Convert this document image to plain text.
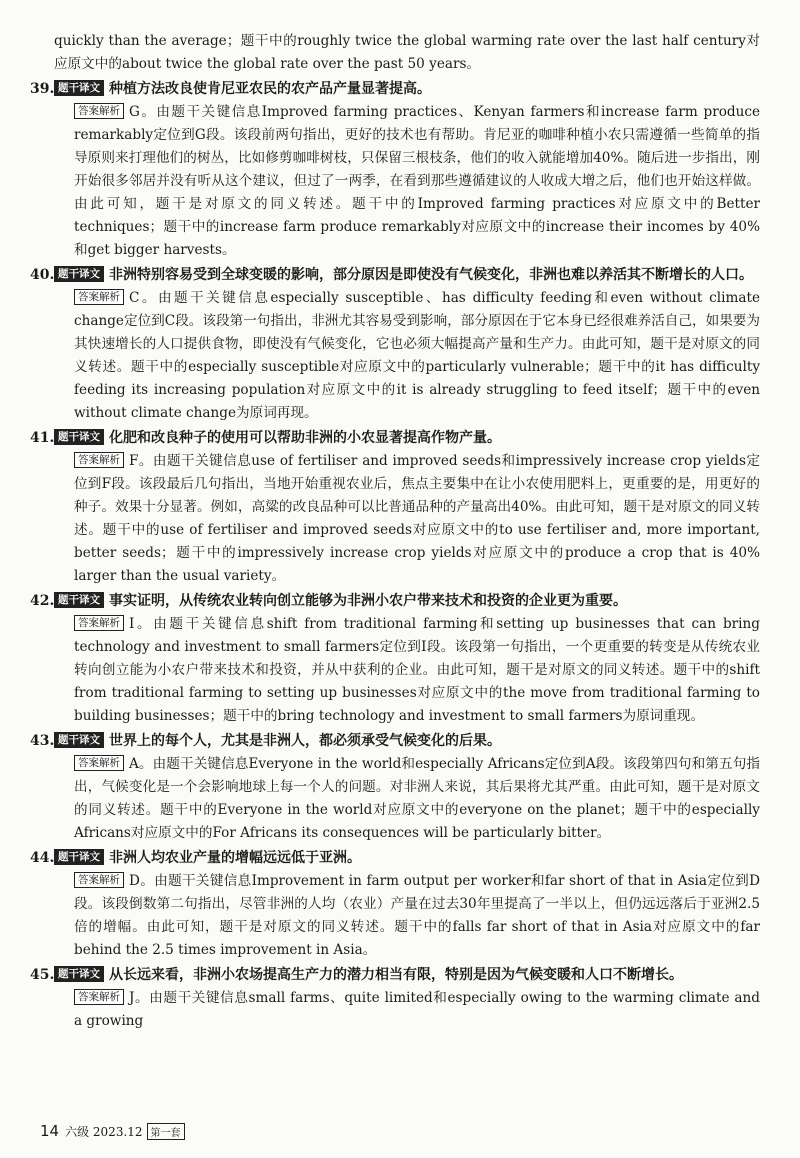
quickly than the average；题干中的roughly twice the global warming rate over the last half century对应原文中的about twice the global rate over the past 50 years。

39. 题干译文 种植方法改良使肯尼亚农民的农产品产量显著提高。

答案解析 G。由题干关键信息Improved farming practices、Kenyan farmers和increase farm produce remarkably定位到G段。该段前两句指出，更好的技术也有帮助。肯尼亚的咖啡种植小农只需遵循一些简单的指导原则来打理他们的树丛，比如修剪咖啡树枝，只保留三根枝条，他们的收入就能增加40%。随后进一步指出，刚开始很多邻居并没有听从这个建议，但过了一两季，在看到那些遵循建议的人收成大增之后，他们也开始这样做。由此可知，题干是对原文的同义转述。题干中的Improved farming practices对应原文中的Better techniques；题干中的increase farm produce remarkably对应原文中的increase their incomes by 40%和get bigger harvests。

40. 题干译文 非洲特别容易受到全球变暖的影响，部分原因是即使没有气候变化，非洲也难以养活其不断增长的人口。

答案解析 C。由题干关键信息especially susceptible、has difficulty feeding和even without climate change定位到C段。该段第一句指出，非洲尤其容易受到影响，部分原因在于它本身已经很难养活自己，如果要为其快速增长的人口提供食物，即使没有气候变化，它也必须大幅提高产量和生产力。由此可知，题干是对原文的同义转述。题干中的especially susceptible对应原文中的particularly vulnerable；题干中的it has difficulty feeding its increasing population对应原文中的it is already struggling to feed itself；题干中的even without climate change为原词再现。

41. 题干译文 化肥和改良种子的使用可以帮助非洲的小农显著提高作物产量。

答案解析 F。由题干关键信息use of fertiliser and improved seeds和impressively increase crop yields定位到F段。该段最后几句指出，当地开始重视农业后，焦点主要集中在让小农使用肥料上，更重要的是，用更好的种子。效果十分显著。例如，高粱的改良品种可以比普通品种的产量高出40%。由此可知，题干是对原文的同义转述。题干中的use of fertiliser and improved seeds对应原文中的to use fertiliser and, more important, better seeds；题干中的impressively increase crop yields对应原文中的produce a crop that is 40% larger than the usual variety。

42. 题干译文 事实证明，从传统农业转向创立能够为非洲小农户带来技术和投资的企业更为重要。

答案解析 I。由题干关键信息shift from traditional farming和setting up businesses that can bring technology and investment to small farmers定位到I段。该段第一句指出，一个更重要的转变是从传统农业转向创立能为小农户带来技术和投资，并从中获利的企业。由此可知，题干是对原文的同义转述。题干中的shift from traditional farming to setting up businesses对应原文中的the move from traditional farming to building businesses；题干中的bring technology and investment to small farmers为原词重现。

43. 题干译文 世界上的每个人，尤其是非洲人，都必须承受气候变化的后果。

答案解析 A。由题干关键信息Everyone in the world和especially Africans定位到A段。该段第四句和第五句指出，气候变化是一个会影响地球上每一个人的问题。对非洲人来说，其后果将尤其严重。由此可知，题干是对原文的同义转述。题干中的Everyone in the world对应原文中的everyone on the planet；题干中的especially Africans对应原文中的For Africans its consequences will be particularly bitter。

44. 题干译文 非洲人均农业产量的增幅远远低于亚洲。

答案解析 D。由题干关键信息Improvement in farm output per worker和far short of that in Asia定位到D段。该段倒数第二句指出，尽管非洲的人均（农业）产量在过去30年里提高了一半以上，但仍远远落后于亚洲2.5倍的增幅。由此可知，题干是对原文的同义转述。题干中的falls far short of that in Asia对应原文中的far behind the 2.5 times improvement in Asia。

45. 题干译文 从长远来看，非洲小农场提高生产力的潜力相当有限，特别是因为气候变暖和人口不断增长。

答案解析 J。由题干关键信息small farms、quite limited和especially owing to the warming climate and a growing

14 六级 2023.12 第一套
